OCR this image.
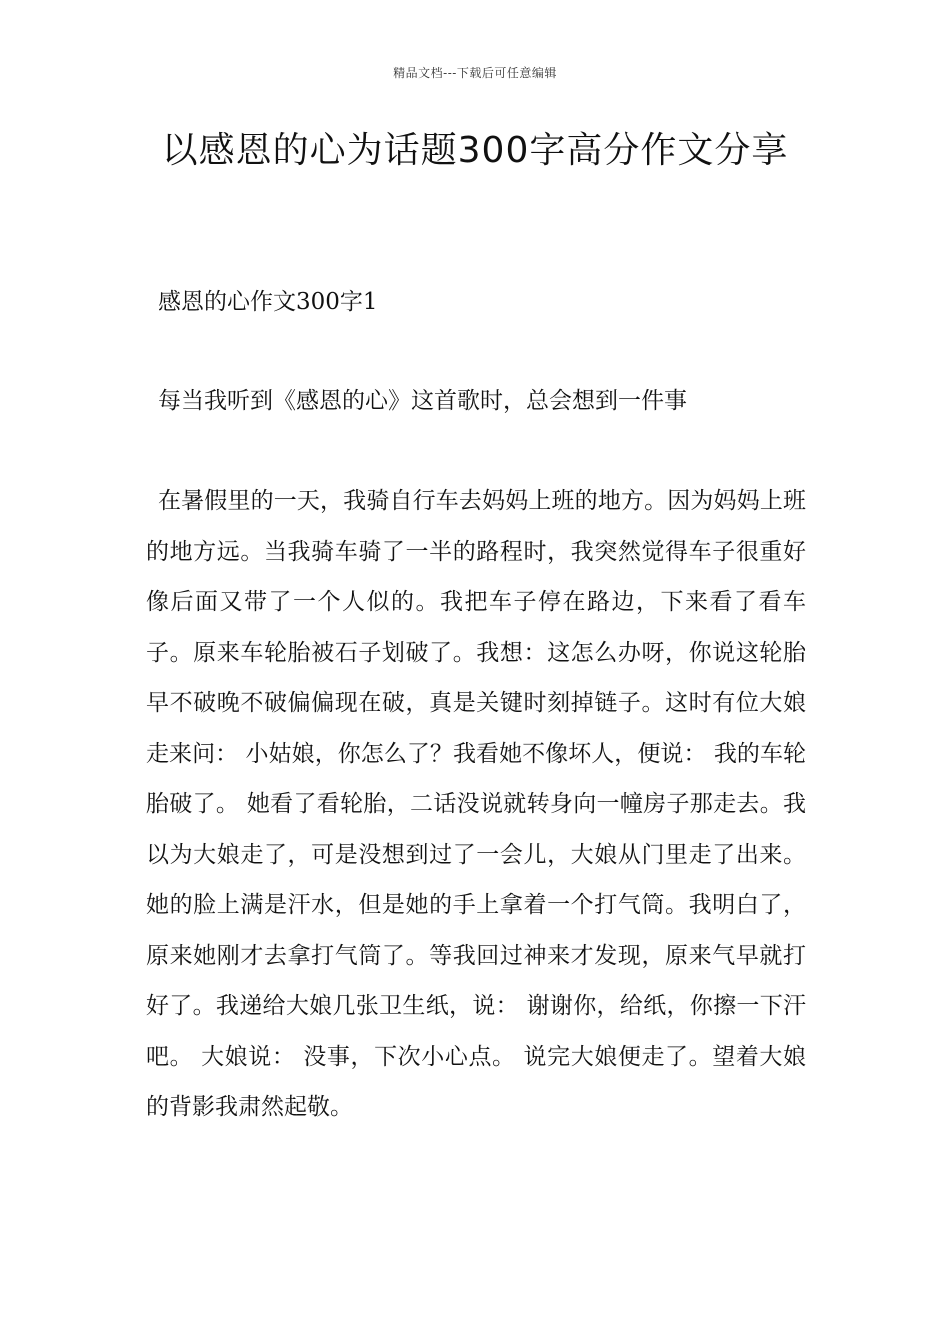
精品文档---下载后可任意编辑
以感恩的心为话题300字高分作文分享

感恩的心作文300字1

每当我听到《感恩的心》这首歌时，总会想到一件事

在暑假里的一天，我骑自行车去妈妈上班的地方。因为妈妈上班的地方远。当我骑车骑了一半的路程时，我突然觉得车子很重好像后面又带了一个人似的。我把车子停在路边，下来看了看车子。原来车轮胎被石子划破了。我想：这怎么办呀，你说这轮胎早不破晚不破偏偏现在破，真是关键时刻掉链子。这时有位大娘走来问： 小姑娘，你怎么了？我看她不像坏人，便说： 我的车轮胎破了。 她看了看轮胎，二话没说就转身向一幢房子那走去。我以为大娘走了，可是没想到过了一会儿，大娘从门里走了出来。她的脸上满是汗水，但是她的手上拿着一个打气筒。我明白了，原来她刚才去拿打气筒了。等我回过神来才发现，原来气早就打好了。我递给大娘几张卫生纸，说： 谢谢你，给纸，你擦一下汗吧。 大娘说： 没事，下次小心点。 说完大娘便走了。望着大娘的背影我肃然起敬。
